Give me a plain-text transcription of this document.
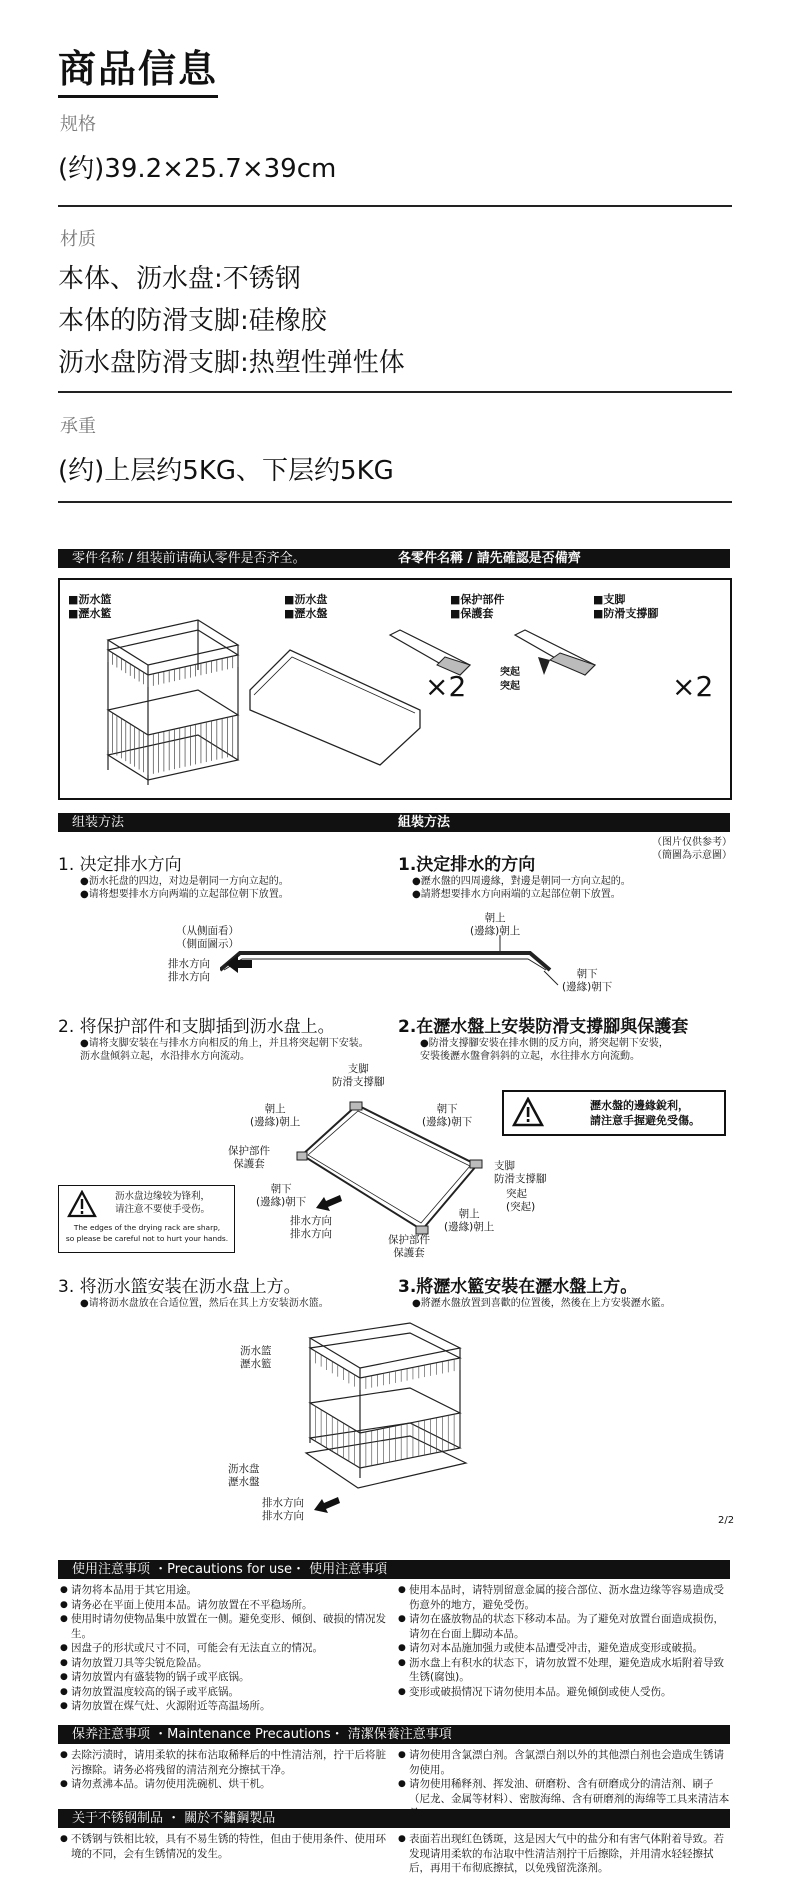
商品信息
规格
(约)39.2×25.7×39cm
材质
本体、沥水盘:不锈钢
本体的防滑支脚:硅橡胶
沥水盘防滑支脚:热塑性弹性体
承重
(约)上层约5KG、下层约5KG
零件名称 / 组装前请确认零件是否齐全。	各零件名稱 / 請先確認是否備齊
■沥水篮
■瀝水籃
■沥水盘
■瀝水盤
■保护部件
■保護套
■支脚
■防滑支撐腳
×2	突起
突起	×2
组装方法	組裝方法
（图片仅供参考）
（簡圖為示意圖）
1. 决定排水方向	1.決定排水的方向
●沥水托盘的四边，对边是朝同一方向立起的。
●请将想要排水方向两端的立起部位朝下放置。
●瀝水盤的四周邊緣，對邊是朝同一方向立起的。
●請將想要排水方向兩端的立起部位朝下放置。
（从侧面看）
（側面圖示）
排水方向
排水方向
朝上
(邊緣)朝上
朝下
(邊緣)朝下
2. 将保护部件和支脚插到沥水盘上。	2.在瀝水盤上安裝防滑支撐腳與保護套
●请将支脚安装在与排水方向相反的角上，并且将突起朝下安装。
沥水盘倾斜立起，水沿排水方向流动。
●防滑支撐腳安裝在排水側的反方向，將突起朝下安裝，
安裝後瀝水盤會斜斜的立起，水往排水方向流動。
瀝水盤的邊緣銳利，
請注意手握避免受傷。
沥水盘边缘较为锋利，
请注意不要使手受伤。
The edges of the drying rack are sharp,
so please be careful not to hurt your hands.
支脚
防滑支撐腳
朝上
(邊緣)朝上
朝下
(邊緣)朝下
保护部件
保護套
朝下
(邊緣)朝下
排水方向
排水方向
支脚
防滑支撐腳
突起
(突起)
朝上
(邊緣)朝上
保护部件
保護套
3. 将沥水篮安装在沥水盘上方。	3.將瀝水籃安裝在瀝水盤上方。
●请将沥水盘放在合适位置，然后在其上方安装沥水篮。	●將瀝水盤放置到喜歡的位置後，然後在上方安裝瀝水籃。
沥水篮
瀝水籃
沥水盘
瀝水盤
排水方向
排水方向	2/2
使用注意事项 ・Precautions for use・ 使用注意事項
● 请勿将本品用于其它用途。
● 请务必在平面上使用本品。请勿放置在不平稳场所。
● 使用时请勿使物品集中放置在一侧。避免变形、倾倒、破损的情况发生。
● 因盘子的形状或尺寸不同，可能会有无法直立的情况。
● 请勿放置刀具等尖锐危险品。
● 请勿放置内有盛装物的锅子或平底锅。
● 请勿放置温度较高的锅子或平底锅。
● 请勿放置在煤气灶、火源附近等高温场所。
● 使用本品时，请特别留意金属的接合部位、沥水盘边缘等容易造成受伤意外的地方，避免受伤。
● 请勿在盛放物品的状态下移动本品。为了避免对放置台面造成损伤，请勿在台面上脚动本品。
● 请勿对本品施加强力或使本品遭受冲击，避免造成变形或破损。
● 沥水盘上有积水的状态下，请勿放置不处理，避免造成水垢附着导致生锈(腐蚀)。
● 变形或破损情况下请勿使用本品。避免倾倒或使人受伤。
保养注意事项 ・Maintenance Precautions・ 清潔保養注意事項
● 去除污渍时，请用柔软的抹布沾取稀释后的中性清洁剂，拧干后将脏污擦除。请务必将残留的清洁剂充分擦拭干净。
● 请勿煮沸本品。请勿使用洗碗机、烘干机。
● 请勿使用含氯漂白剂。含氯漂白剂以外的其他漂白剂也会造成生锈请勿使用。
● 请勿使用稀释剂、挥发油、研磨粉、含有研磨成分的清洁剂、刷子（尼龙、金属等材料）、密胺海绵、含有研磨剂的海绵等工具来清洁本
关于不锈钢制品 ・ 關於不鏽鋼製品
● 不锈钢与铁相比较，具有不易生锈的特性，但由于使用条件、使用环境的不同，会有生锈情况的发生。
● 表面若出现红色锈斑，这是因大气中的盐分和有害气体附着导致。若发现请用柔软的布沾取中性清洁剂拧干后擦除，并用清水轻轻擦拭后，再用干布彻底擦拭，以免残留洗涤剂。
